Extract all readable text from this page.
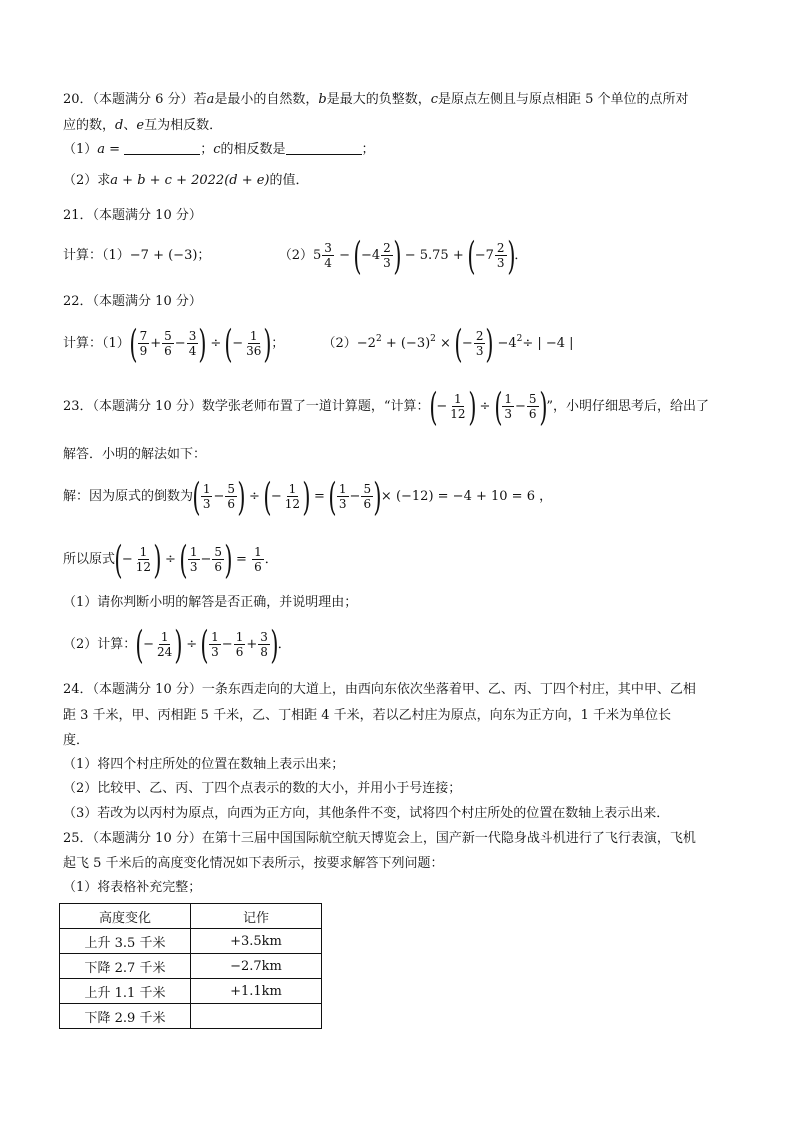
20．（本题满分 6 分）若a是最小的自然数，b是最大的负整数，c是原点左侧且与原点相距 5 个单位的点所对
应的数，d、e互为相反数．
（1）a =	；c的相反数是	；
（2）求a + b + c + 2022(d + e)的值．
21．（本题满分 10 分）
计算：（1）−7 + (−3)；	$(2)5 \frac{3}{4} - (-4 \frac{2}{3}$ ) − $5.75 + (-7 \frac{2}{3}$ )．
22．（本题满分 10 分）
计算：$(1)( \frac{7}{9} + \frac{5}{6} - \frac{3}{4}$ ) ÷ (− $\frac{1}{36}$ )；	$(2)-2^2 + (-3)^2$ × (− $\frac{2}{3}$ ) $-4^2\div$ | −4 |
23．（本题满分 10 分）数学张老师布置了一道计算题，“计算：(− $\frac{1}{12}$ ) ÷ ( $\frac{1}{3} - \frac{5}{6}$ )”，小明仔细思考后，给出了
解答．小明的解法如下：
解：因为原式的倒数为( $\frac{1}{3} - \frac{5}{6}$ ) ÷ (− $\frac{1}{12}$ ) = ( $\frac{1}{3} - \frac{5}{6}$ )× (−12) = −4 + 10 = 6 ，
所以原式(− $\frac{1}{12}$ ) ÷ ( $\frac{1}{3} - \frac{5}{6}$ ) = $\frac{1}{6}$ ．
（1）请你判断小明的解答是否正确，并说明理由；
（2）计算：(− $\frac{1}{24}$ ) ÷ ( $\frac{1}{3} - \frac{1}{6} + \frac{3}{8}$ )．
24．（本题满分 10 分）一条东西走向的大道上，由西向东依次坐落着甲、乙、丙、丁四个村庄，其中甲、乙相
距 3 千米，甲、丙相距 5 千米，乙、丁相距 4 千米，若以乙村庄为原点，向东为正方向，1 千米为单位长
度．
（1）将四个村庄所处的位置在数轴上表示出来；
（2）比较甲、乙、丙、丁四个点表示的数的大小，并用小于号连接；
（3）若改为以丙村为原点，向西为正方向，其他条件不变，试将四个村庄所处的位置在数轴上表示出来．
25．（本题满分 10 分）在第十三届中国国际航空航天博览会上，国产新一代隐身战斗机进行了飞行表演，飞机
起飞 5 千米后的高度变化情况如下表所示，按要求解答下列问题：
（1）将表格补充完整；
高度变化	记作
上升 3.5 千米	+3.5km
下降 2.7 千米	−2.7km
上升 1.1 千米	+1.1km
下降 2.9 千米	
